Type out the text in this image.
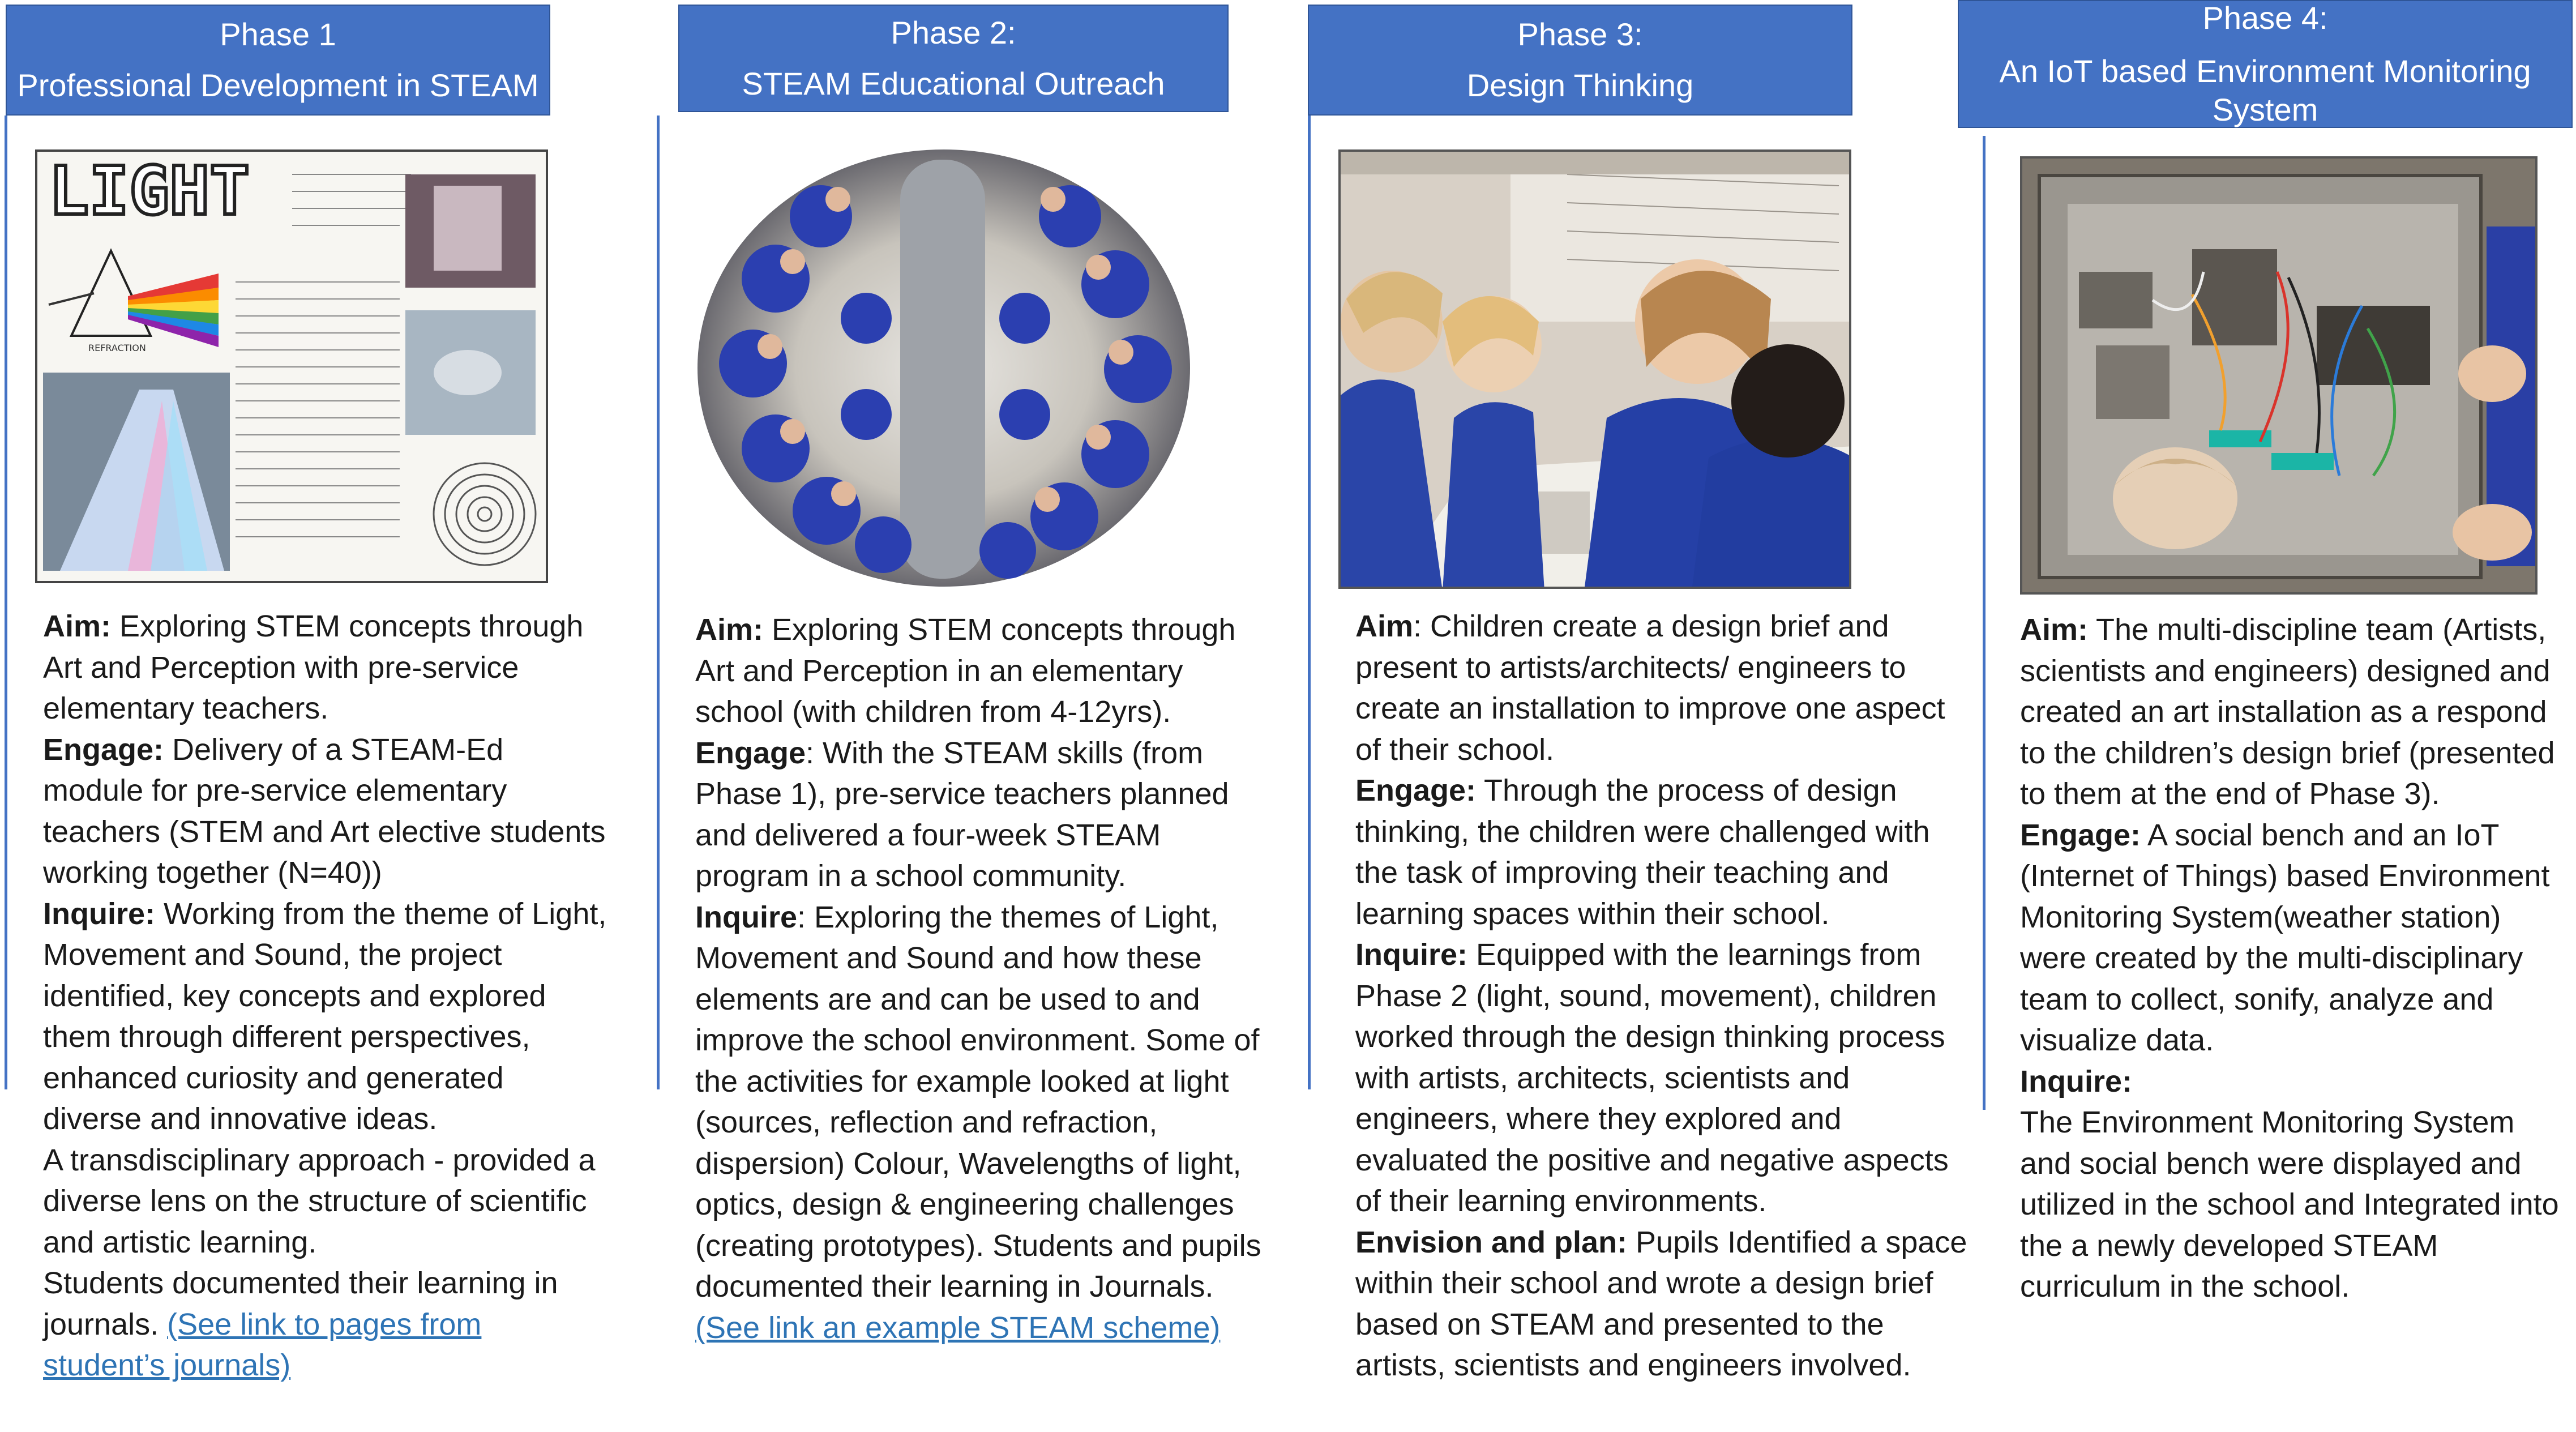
Phase 1
Professional Development in STEAM
Phase 2:
STEAM Educational Outreach
Phase 3:
Design Thinking
Phase 4:
An IoT based Environment Monitoring
System
LIGHT
REFRACTION

Aim: Exploring STEM concepts through Art and Perception with pre-service elementary teachers.

Engage: Delivery of a STEAM-Ed module for pre-service elementary teachers (STEM and Art elective students working together (N=40))

Inquire: Working from the theme of Light, Movement and Sound, the project identified, key concepts and explored them through different perspectives, enhanced curiosity and generated diverse and innovative ideas.

A transdisciplinary approach - provided a diverse lens on the structure of scientific and artistic learning.

Students documented their learning in journals. (See link to pages from student’s journals)

Aim: Exploring STEM concepts through Art and Perception in an elementary school (with children from 4-12yrs).

Engage: With the STEAM skills (from Phase 1), pre-service teachers planned and delivered a four-week STEAM program in a school community.

Inquire: Exploring the themes of Light, Movement and Sound and how these elements are and can be used to and improve the school environment. Some of the activities for example looked at light (sources, reflection and refraction, dispersion) Colour, Wavelengths of light, optics, design & engineering challenges (creating prototypes). Students and pupils documented their learning in Journals. (See link an example STEAM scheme)

Aim: Children create a design brief and present to artists/architects/ engineers to create an installation to improve one aspect of their school.

Engage: Through the process of design thinking, the children were challenged with the task of improving their teaching and learning spaces within their school.

Inquire: Equipped with the learnings from Phase 2 (light, sound, movement), children worked through the design thinking process with artists, architects, scientists and engineers, where they explored and evaluated the positive and negative aspects of their learning environments.

Envision and plan: Pupils Identified a space within their school and wrote a design brief based on STEAM and presented to the artists, scientists and engineers involved.

Aim: The multi-discipline team (Artists, scientists and engineers) designed and created an art installation as a respond to the children’s design brief (presented to them at the end of Phase 3).

Engage: A social bench and an IoT (Internet of Things) based Environment Monitoring System(weather station) were created by the multi-disciplinary team to collect, sonify, analyze and visualize data.

Inquire:

The Environment Monitoring System and social bench were displayed and utilized in the school and Integrated into the a newly developed STEAM curriculum in the school.
